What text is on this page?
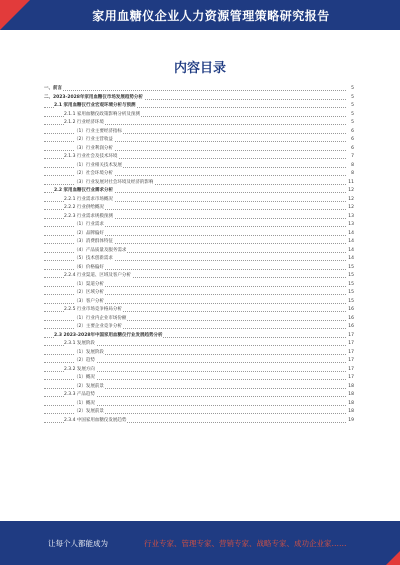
家用血糖仪企业人力资源管理策略研究报告
内容目录
一、前言	5
二、2023-2028年家用血糖仪市场发展趋势分析	5
2.1 家用血糖仪行业宏观环境分析与预测	5
2.1.1 家用血糖仪政策影响分析及预测	5
2.1.2 行业经济环境	5
（1）行业主要经济指标	6
（2）行业主营收益	6
（3）行业利润分析	6
2.1.3 行业社会及技术环境	7
（1）行业相关技术发展	8
（2）社会环境分析	8
（3）行业发展对社会环境及经济的影响	11
2.2 家用血糖仪行业需求分析	12
2.2.1 行业需求市场概况	12
2.2.2 行业供给概况	12
2.2.3 行业需求规模预测	13
（1）行业需求	13
（2）品牌偏好	14
（3）消费群体特征	14
（4）产品质量及服务需求	14
（5）技术创新需求	14
（6）价格偏好	15
2.2.4 行业渠道、区域及客户分析	15
（1）渠道分析	15
（2）区域分析	15
（3）客户分析	15
2.2.5 行业市场竞争格局分析	16
（1）行业内企业市场份额	16
（2）主要企业竞争分析	16
2.3 2023-2028年中国家用血糖仪行业发展趋势分析	17
2.3.1 发展阶段	17
（1）发展阶段	17
（2）趋势	17
2.3.2 发展方向	17
（1）概况	17
（2）发展前景	18
2.3.3 产品趋势	18
（1）概况	18
（2）发展前景	18
2.3.4 中国家用血糖仪发展趋势	19
让每个人都能成为	行业专家、管理专家、营销专家、战略专家、成功企业家……
